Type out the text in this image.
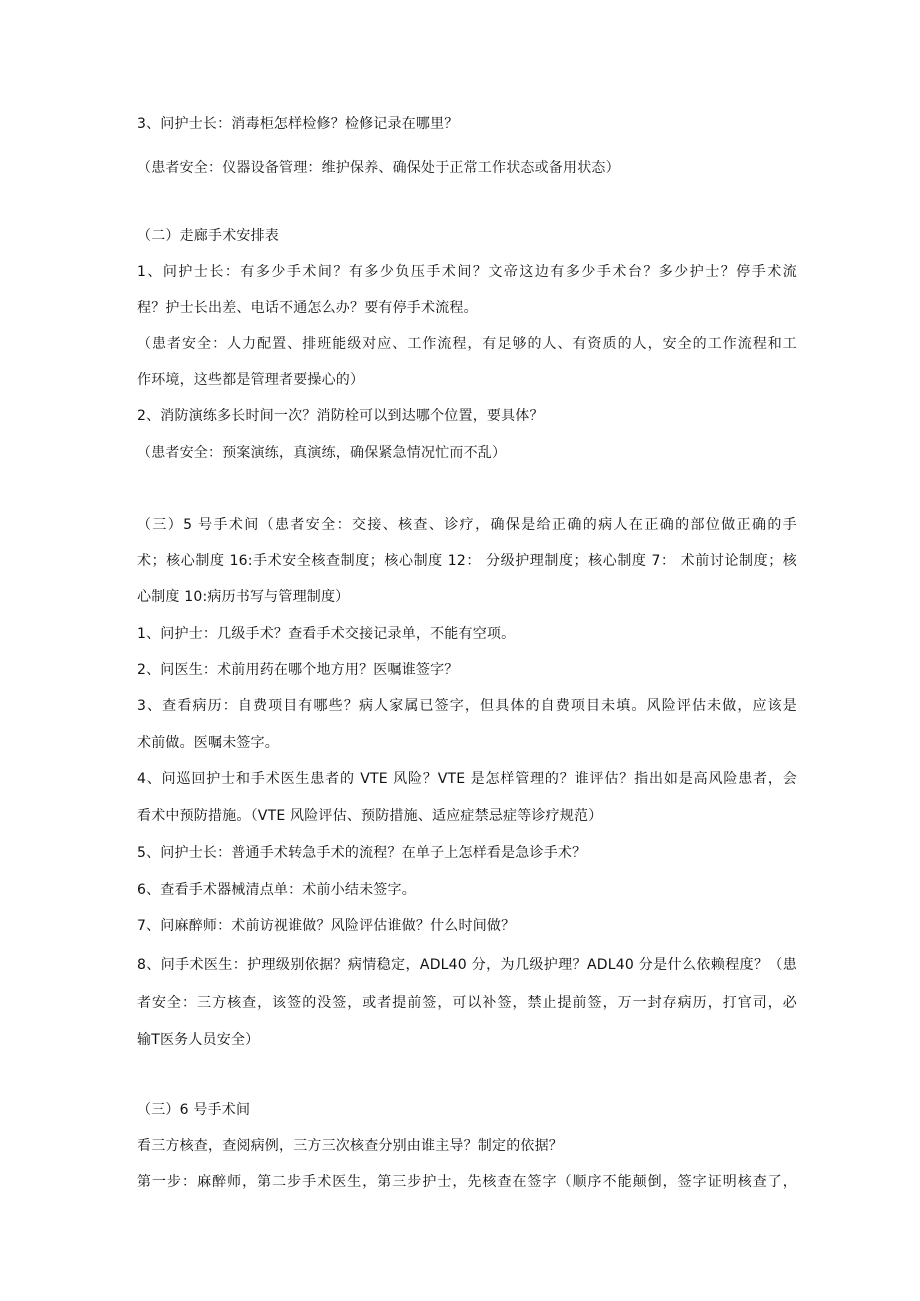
3、问护士长：消毒柜怎样检修？检修记录在哪里？
（患者安全：仪器设备管理：维护保养、确保处于正常工作状态或备用状态）
（二）走廊手术安排表
1、问护士长：有多少手术间？有多少负压手术间？文帝这边有多少手术台？多少护士？停手术流
程？护士长出差、电话不通怎么办？要有停手术流程。
（患者安全：人力配置、排班能级对应、工作流程，有足够的人、有资质的人，安全的工作流程和工
作环境，这些都是管理者要操心的）
2、消防演练多长时间一次？消防栓可以到达哪个位置，要具体？
（患者安全：预案演练，真演练，确保紧急情况忙而不乱）
（三）5 号手术间（患者安全：交接、核查、诊疗，确保是给正确的病人在正确的部位做正确的手
术；核心制度 16:手术安全核查制度；核心制度 12： 分级护理制度；核心制度 7： 术前讨论制度；核
心制度 10:病历书写与管理制度）
1、问护士：几级手术？查看手术交接记录单，不能有空项。
2、问医生：术前用药在哪个地方用？医嘱谁签字？
3、查看病历：自费项目有哪些？病人家属已签字，但具体的自费项目未填。风险评估未做，应该是
术前做。医嘱未签字。
4、问巡回护士和手术医生患者的 VTE 风险？VTE 是怎样管理的？谁评估？指出如是高风险患者，会
看术中预防措施。（VTE 风险评估、预防措施、适应症禁忌症等诊疗规范）
5、问护士长：普通手术转急手术的流程？在单子上怎样看是急诊手术？
6、查看手术器械清点单：术前小结未签字。
7、问麻醉师：术前访视谁做？风险评估谁做？什么时间做？
8、问手术医生：护理级别依据？病情稳定，ADL40 分，为几级护理？ADL40 分是什么依赖程度？（患
者安全：三方核查，该签的没签，或者提前签，可以补签，禁止提前签，万一封存病历，打官司，必
输T医务人员安全）
（三）6 号手术间
看三方核查，查阅病例，三方三次核查分别由谁主导？制定的依据？
第一步：麻醉师，第二步手术医生，第三步护士，先核查在签字（顺序不能颠倒，签字证明核查了，
